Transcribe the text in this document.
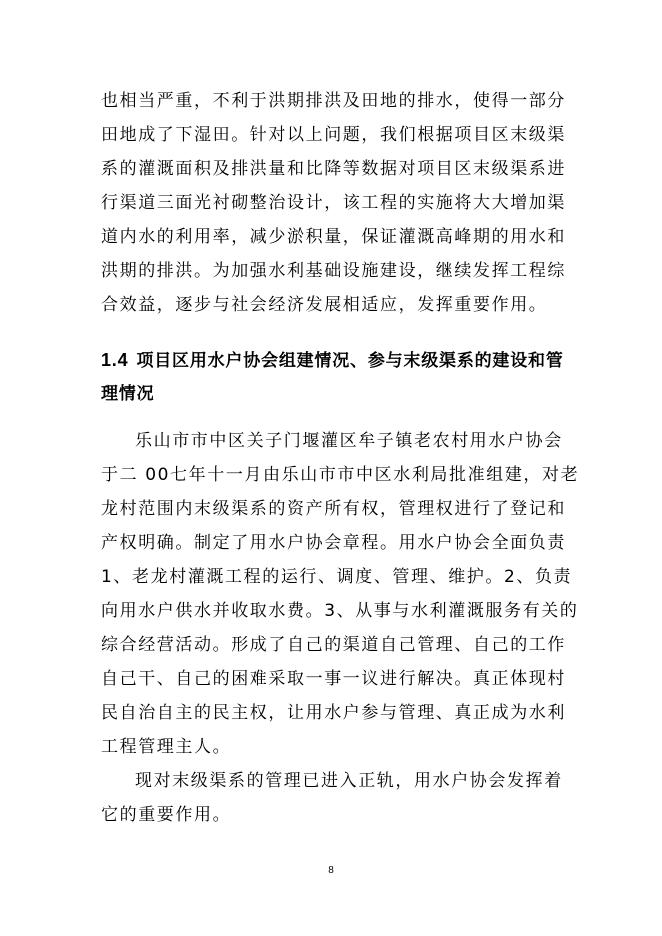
也相当严重，不利于洪期排洪及田地的排水，使得一部分
田地成了下湿田。针对以上问题，我们根据项目区末级渠
系的灌溉面积及排洪量和比降等数据对项目区末级渠系进
行渠道三面光衬砌整治设计，该工程的实施将大大增加渠
道内水的利用率，减少淤积量，保证灌溉高峰期的用水和
洪期的排洪。为加强水利基础设施建设，继续发挥工程综
合效益，逐步与社会经济发展相适应，发挥重要作用。
1.4 项目区用水户协会组建情况、参与末级渠系的建设和管
理情况
乐山市市中区关子门堰灌区牟子镇老农村用水户协会
于二 00七年十一月由乐山市市中区水利局批准组建，对老
龙村范围内末级渠系的资产所有权，管理权进行了登记和
产权明确。制定了用水户协会章程。用水户协会全面负责
1、老龙村灌溉工程的运行、调度、管理、维护。2、负责
向用水户供水并收取水费。3、从事与水利灌溉服务有关的
综合经营活动。形成了自己的渠道自己管理、自己的工作
自己干、自己的困难采取一事一议进行解决。真正体现村
民自治自主的民主权，让用水户参与管理、真正成为水利
工程管理主人。
现对末级渠系的管理已进入正轨，用水户协会发挥着
它的重要作用。
8
